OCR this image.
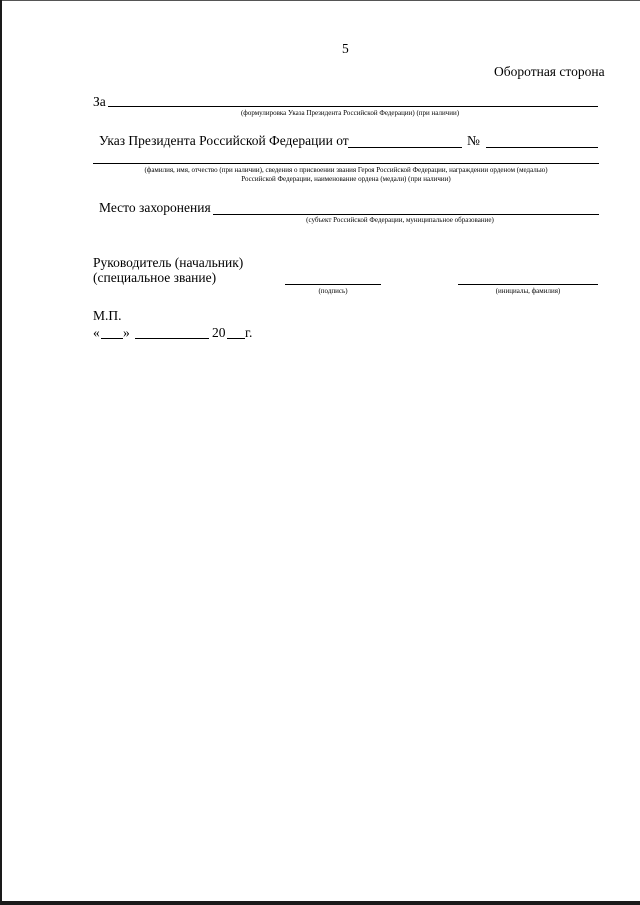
5
Оборотная сторона
За
(формулировка Указа Президента Российской Федерации) (при наличии)
Указ Президента Российской Федерации от	№
(фамилия, имя, отчество (при наличии), сведения о присвоении звания Героя Российской Федерации, награждении орденом (медалью)
Российской Федерации, наименование ордена (медали) (при наличии)
Место захоронения
(субъект Российской Федерации, муниципальное образование)
Руководитель (начальник)
(специальное звание)
(подпись)	(инициалы, фамилия)
М.П.
« »	20 г.
